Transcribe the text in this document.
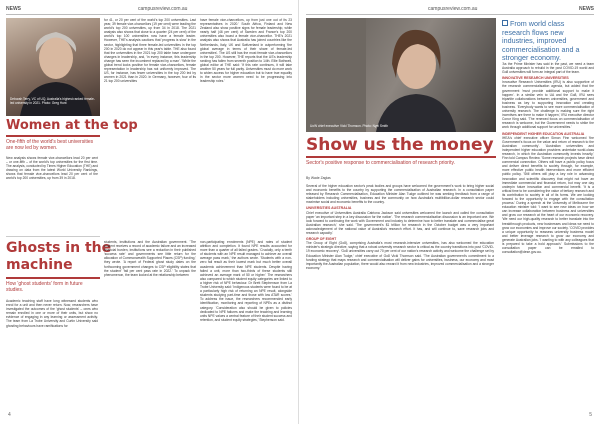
NEWS	campusreview.com.au
Deborah Terry, VC of UQ, Australia's highest ranked female-led university in 2021. Photo: Greg Hunt
Women at the top
One-fifth of the world's best universities are now led by women.
New analysis shows female vice-chancellors lead 20 per cent – or one-fifth – of the world's top universities for the first time. The analysis, conducted by Times Higher Education (THE) and drawing on data from the latest World University Rankings, shows that female vice-chancellors lead 20 per cent of the world's top 200 universities, up from 39 in 2018.
for 41, or 20 per cent of the world's top 200 universities. Last year, 39 female vice-chancellors (19 per cent) were leading the world's top 200 universities, up from 34 in 2018. The 2021 analysis also shows that close to a quarter (24 per cent) of the world's top 100 universities now have a female leader. However, THE's analysis cautions that 'progress is slow' in the sector, highlighting that three female-led universities in the top 200 in 2020 do not appear in this year's table. THE also found that the universities in the 2021 top 200 table have undergone changes in leadership, and, 'in every instance, this leadership change has seen the incumbent replaced by a man'. 'While the global trend looks positive for female vice-chancellors, female representation in leadership has not uniformly improved. The US, for instance, has fewer universities in the top 200 led by women in 2021 than in 2020. In Germany, however, four of its 21 top 200 universities
have female vice-chancellors, up from just one out of its 23 representatives in 2020.' South Africa, Finland and New Zealand also show positive signs for female leadership, while nearly half (46 per cent) of Sweden and France's top 200 universities also boast a female vice-chancellor. THE's 2021 analysis also shows that Australia has joined countries like the Netherlands, Italy, UK and Switzerland in outperforming 'the global average in terms of their share of female-led universities'. The US still has the most female vice-chancellors in the top 200. However, THE reports that the US's leadership ranking has fallen from seventh position to 14th. Ellie Bothwell, global editor at THE said: 'If this rate continues, it will take another 50 years for full parity. Universities must do more work to widen access for higher education but to have true equality in the sector more women need to be progressing into leadership roles.'
Ghosts in the
machine
How 'ghost students' form in future studies.
Academic teaching staff have long witnessed students who enrol for a unit and then never return. Now, researchers have investigated the outcomes of the 'ghost students' – ones who remain enrolled in one or more of their units, but show no evidence of engaging in any learning or assessment activity. The team from La Trobe University and Curtin University said ghosting behaviours have ramifications for
students, institutions and the Australian government. 'The student receives a record of academic failure and an increased financial burden, institutions see a reduction in their published 'success rate' and governments see little return for the allocation of Commonwealth Supported Places (CSP) funding,' they wrote. 'A report of Federal ghost study dates on the forthcoming government changes to CSP eligibility states that the student' 'fail per cent pass rate in 2022.' To unpack the phenomenon, the team looked at the relationship between
non-participating enrolments (NPE) and rates of student attrition and completion. It found NPE results accounted for more than a quarter of all failed grades. 'Crucially, only a tenth of students with an NPE result managed to achieve an overall average pass mark,' the authors wrote. 'Students with a non-zero fail result as their lowest mark but much better overall academic achievement than NPE students. Despite having failed a unit, more than two-thirds of these students still achieved an average mark of 50 or higher.' The researchers also compared to which student equity categories are linked to a higher risk of NPE behaviour. Dr Brett Stephenson from La Trobe University said: 'Indigenous students were found to be at a particularly high risk of returning an NPE result, alongside students studying part-time and those with low ATAR scores.' To address the issue, the researchers recommended early identification, monitoring and reporting of NPEs as a distinct category. 'Consideration also should be given to policies dedicated to NPE failures and make the teaching and learning units NPE values a central feature of their student success and retention, and student equity strategies,' Stephenson said.
4
campusreview.com.au	NEWS
UoW chief executive Vicki Thomson. Photo: Nyei Smith
From world class research flows new industries, improved commercialisation and a stronger economy.
Show us the money
Sector's positive response to commercialisation of research priority.
By Wade Zaglas
Several of the higher education sector's peak bodies and groups have welcomed the government's work to bring higher social and economic benefits to the country by supporting the commercialisation of Australian research. In a consultation paper released by Research Commercialisation, Education Minister Alan Tudge outlined he was seeking feedback from a range of stakeholders including universities, business and the community on how Australia's multibillion-dollar research sector could maximise social and economic benefits to the country.
UNIVERSITIES AUSTRALIA
Chief executive of Universities Australia Catriona Jackson said universities welcomed the launch and called the consultation paper 'an important step in a key discussion for the nation'. 'The research commercialisation discussion is an important one. We look forward to continuing the work with Government and industry to determine how to better translate and commercialise great Australian research,' she said. 'The government's $1 trillion for research in the October budget was a very important acknowledgement of the national value of Australia's research effort. It has, and will continue to, save research jobs and research capacity.'
GROUP OF EIGHT
The Group of Eight (Go8), comprising Australia's most research-intensive universities, has also welcomed the education minister's strategic directive, saying that a robust university research sector is critical as the country transitions into post 'COVID-19 economic recovery'. 'Go8 universities carry out 70 per cent of our nation's research activity and welcome the challenge set by Education Minister Alan Tudge,' chief executive of Go8 Vicki Thomson said. 'The Australian government's commitment to a funding strategy that maps research and commercialisation will deliver gains for universities, business, our economy and most importantly the Australian population, there would also reward it from new industries, improved commercialisation and a stronger economy.'
'As the Prime Minister has said in the past, we need a team Australia approach to rebuild in the post COVID-19 world and Go8 universities will form an integral part of the team.
INNOVATIVE RESEARCH UNIVERSITIES
Innovative Research Universities (IRU) is also supportive of the research commercialisation agenda, but added that the government 'must provide additional support to make it happen'. In a similar vein to UA and the Go8, IRU sees tripartite collaborations between universities, government and business as key to supporting innovation and creating business. 'Everybody wants to see more commercialisation of university research. The challenge is making sure the right incentives are there to make it happen,' IRU executive director Conor King said. 'The renewed focus on commercialisation of research is welcome, but the Government needs to strike the work through additional support for universities.'
INDEPENDENT HIGHER EDUCATION AUSTRALIA
IHEA's chief executive officer Simon Finn welcomed 'the Government's focus on the value and return of research to the Australian community'. 'Australian universities and independent higher education providers undertake world-class research, in which the Australian community invests heavily,' Finn told Campus Review. 'Some research projects have direct commercial connection. Others will have a public policy focus and deliver direct benefits to society through, for example, more effective public health interventions and more efficient public policy. 'Still others will play a key role in advancing innovation and scientific discovery that might not have an immediate commercial and financial return, but may one day underpin future innovation and commercial benefit. 'It is a critical time to be considering the value of tertiary research and its contribution to society in all of its forms. We are looking forward to the opportunity to engage with the consultation process.' During a speech at the University of Melbourne the education minister told: 'I want to see new ideas on how we can increase collaboration between business and universities and grow our research at the heart of our economic recovery. 'We need our high-quality research to better translate into the breakthrough products, new businesses and ideas we need to grow our economies and improve our society. 'COVID provides a unique opportunity to reassess university business model and better leverage research to grow our economy and generate Australian jobs. 'I wanting to with any colleagues that is prepared to take a bold approach.' Submissions to the consultation paper can be emailed to consultation@dese.gov.au.
5
